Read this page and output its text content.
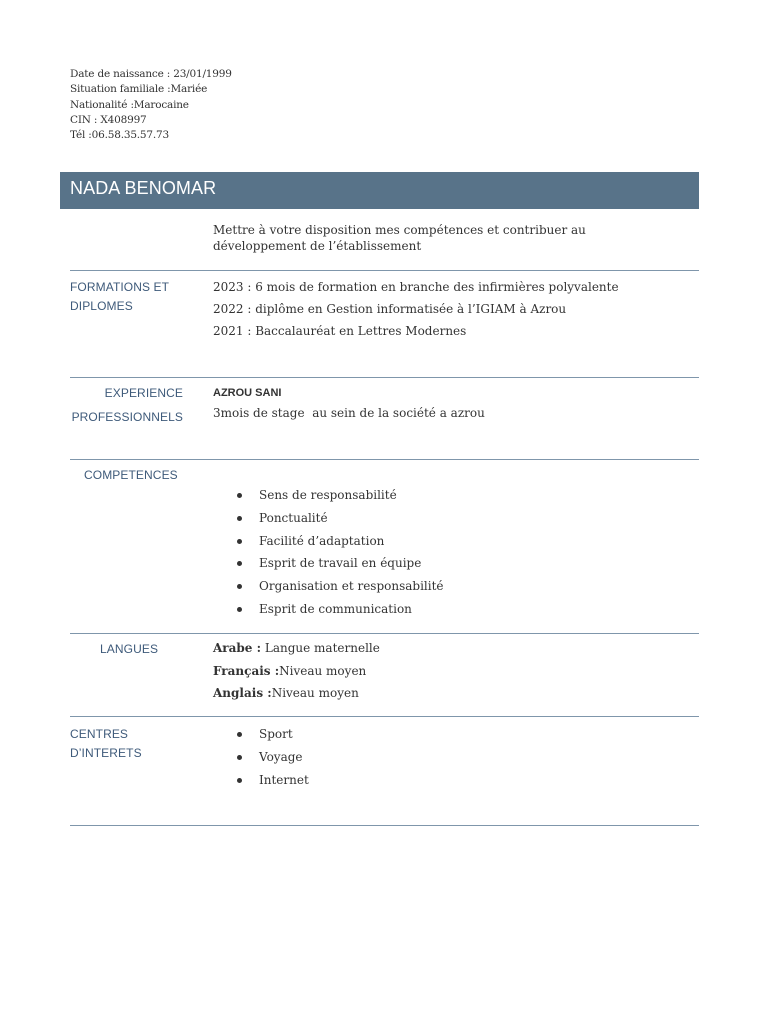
Date de naissance : 23/01/1999
Situation familiale :Mariée
Nationalité :Marocaine
CIN : X408997
Tél :06.58.35.57.73
NADA BENOMAR
Mettre à votre disposition mes compétences et contribuer au
développement de l’établissement
FORMATIONS ET
DIPLOMES
2023 : 6 mois de formation en branche des infirmières polyvalente
2022 : diplôme en Gestion informatisée à l’IGIAM à Azrou
2021 : Baccalauréat en Lettres Modernes
EXPERIENCE
PROFESSIONNELS
AZROU SANI
3mois de stage  au sein de la société a azrou
COMPETENCES
Sens de responsabilité
Ponctualité
Facilité d’adaptation
Esprit de travail en équipe
Organisation et responsabilité
Esprit de communication
LANGUES	Arabe : Langue maternelle
Français :Niveau moyen
Anglais :Niveau moyen
CENTRES
D’INTERETS
Sport
Voyage
Internet
